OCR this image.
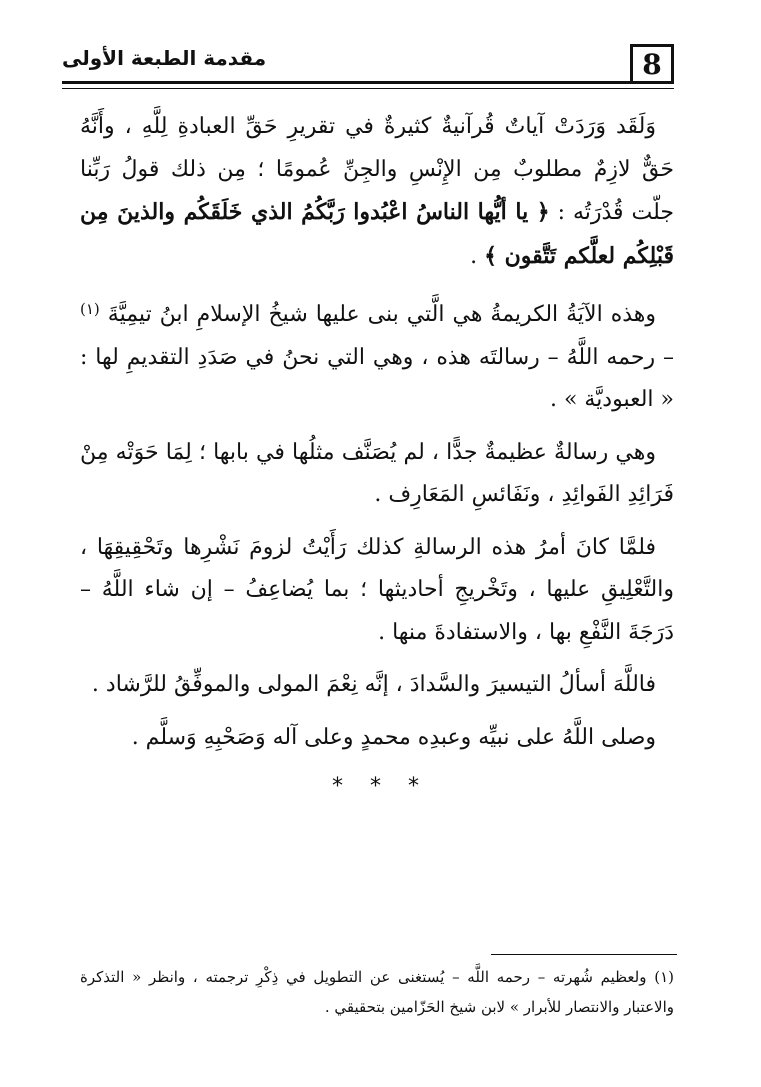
8
مقدمة الطبعة الأولى

وَلَقَد وَرَدَتْ آياتٌ قُرآنيةٌ كثيرةٌ في تقريرِ حَقِّ العبادةِ لِلَّهِ ، وأَنَّهُ حَقٌّ لازِمٌ مطلوبٌ مِن الإِنْسِ والجِنِّ عُمومًا ؛ مِن ذلك قولُ رَبِّنا جلّت قُدْرَتُه : ﴿ يا أيُّها الناسُ اعْبُدوا رَبَّكُمُ الذي خَلَقَكُم والذينَ مِن قَبْلِكُم لعلَّكم تَتَّقون ﴾ .

وهذه الآيَةُ الكريمةُ هي الَّتي بنى عليها شيخُ الإسلامِ ابنُ تيمِيَّةَ $^{(١)}$ – رحمه اللَّهُ – رسالتَه هذه ، وهي التي نحنُ في صَدَدِ التقديمِ لها : « العبوديَّة » .

وهي رسالةٌ عظيمةٌ جدًّا ، لم يُصَنَّف مثلُها في بابها ؛ لِمَا حَوَتْه مِنْ فَرَائِدِ الفَوائِدِ ، ونَفَائسِ المَعَارِف .

فلمَّا كانَ أمرُ هذه الرسالةِ كذلك رَأَيْتُ لزومَ نَشْرِها وتَحْقِيقِهَا ، والتَّعْلِيقِ عليها ، وتَخْريجِ أحاديثها ؛ بما يُضاعِفُ – إن شاء اللَّهُ – دَرَجَةَ النَّفْعِ بها ، والاستفادةَ منها .

فاللَّهَ أسألُ التيسيرَ والسَّدادَ ، إنَّه نِعْمَ المولى والموفِّقُ للرَّشاد .

وصلى اللَّهُ على نبيِّه وعبدِه محمدٍ وعلى آله وَصَحْبِهِ وَسلَّم .

* * *
(١) ولعظيم شُهرته – رحمه اللَّه – يُستغنى عن التطويل في ذِكْرِ ترجمته ، وانظر « التذكرة والاعتبار والانتصار للأبرار » لابن شيخ الحَزّامين بتحقيقي .
